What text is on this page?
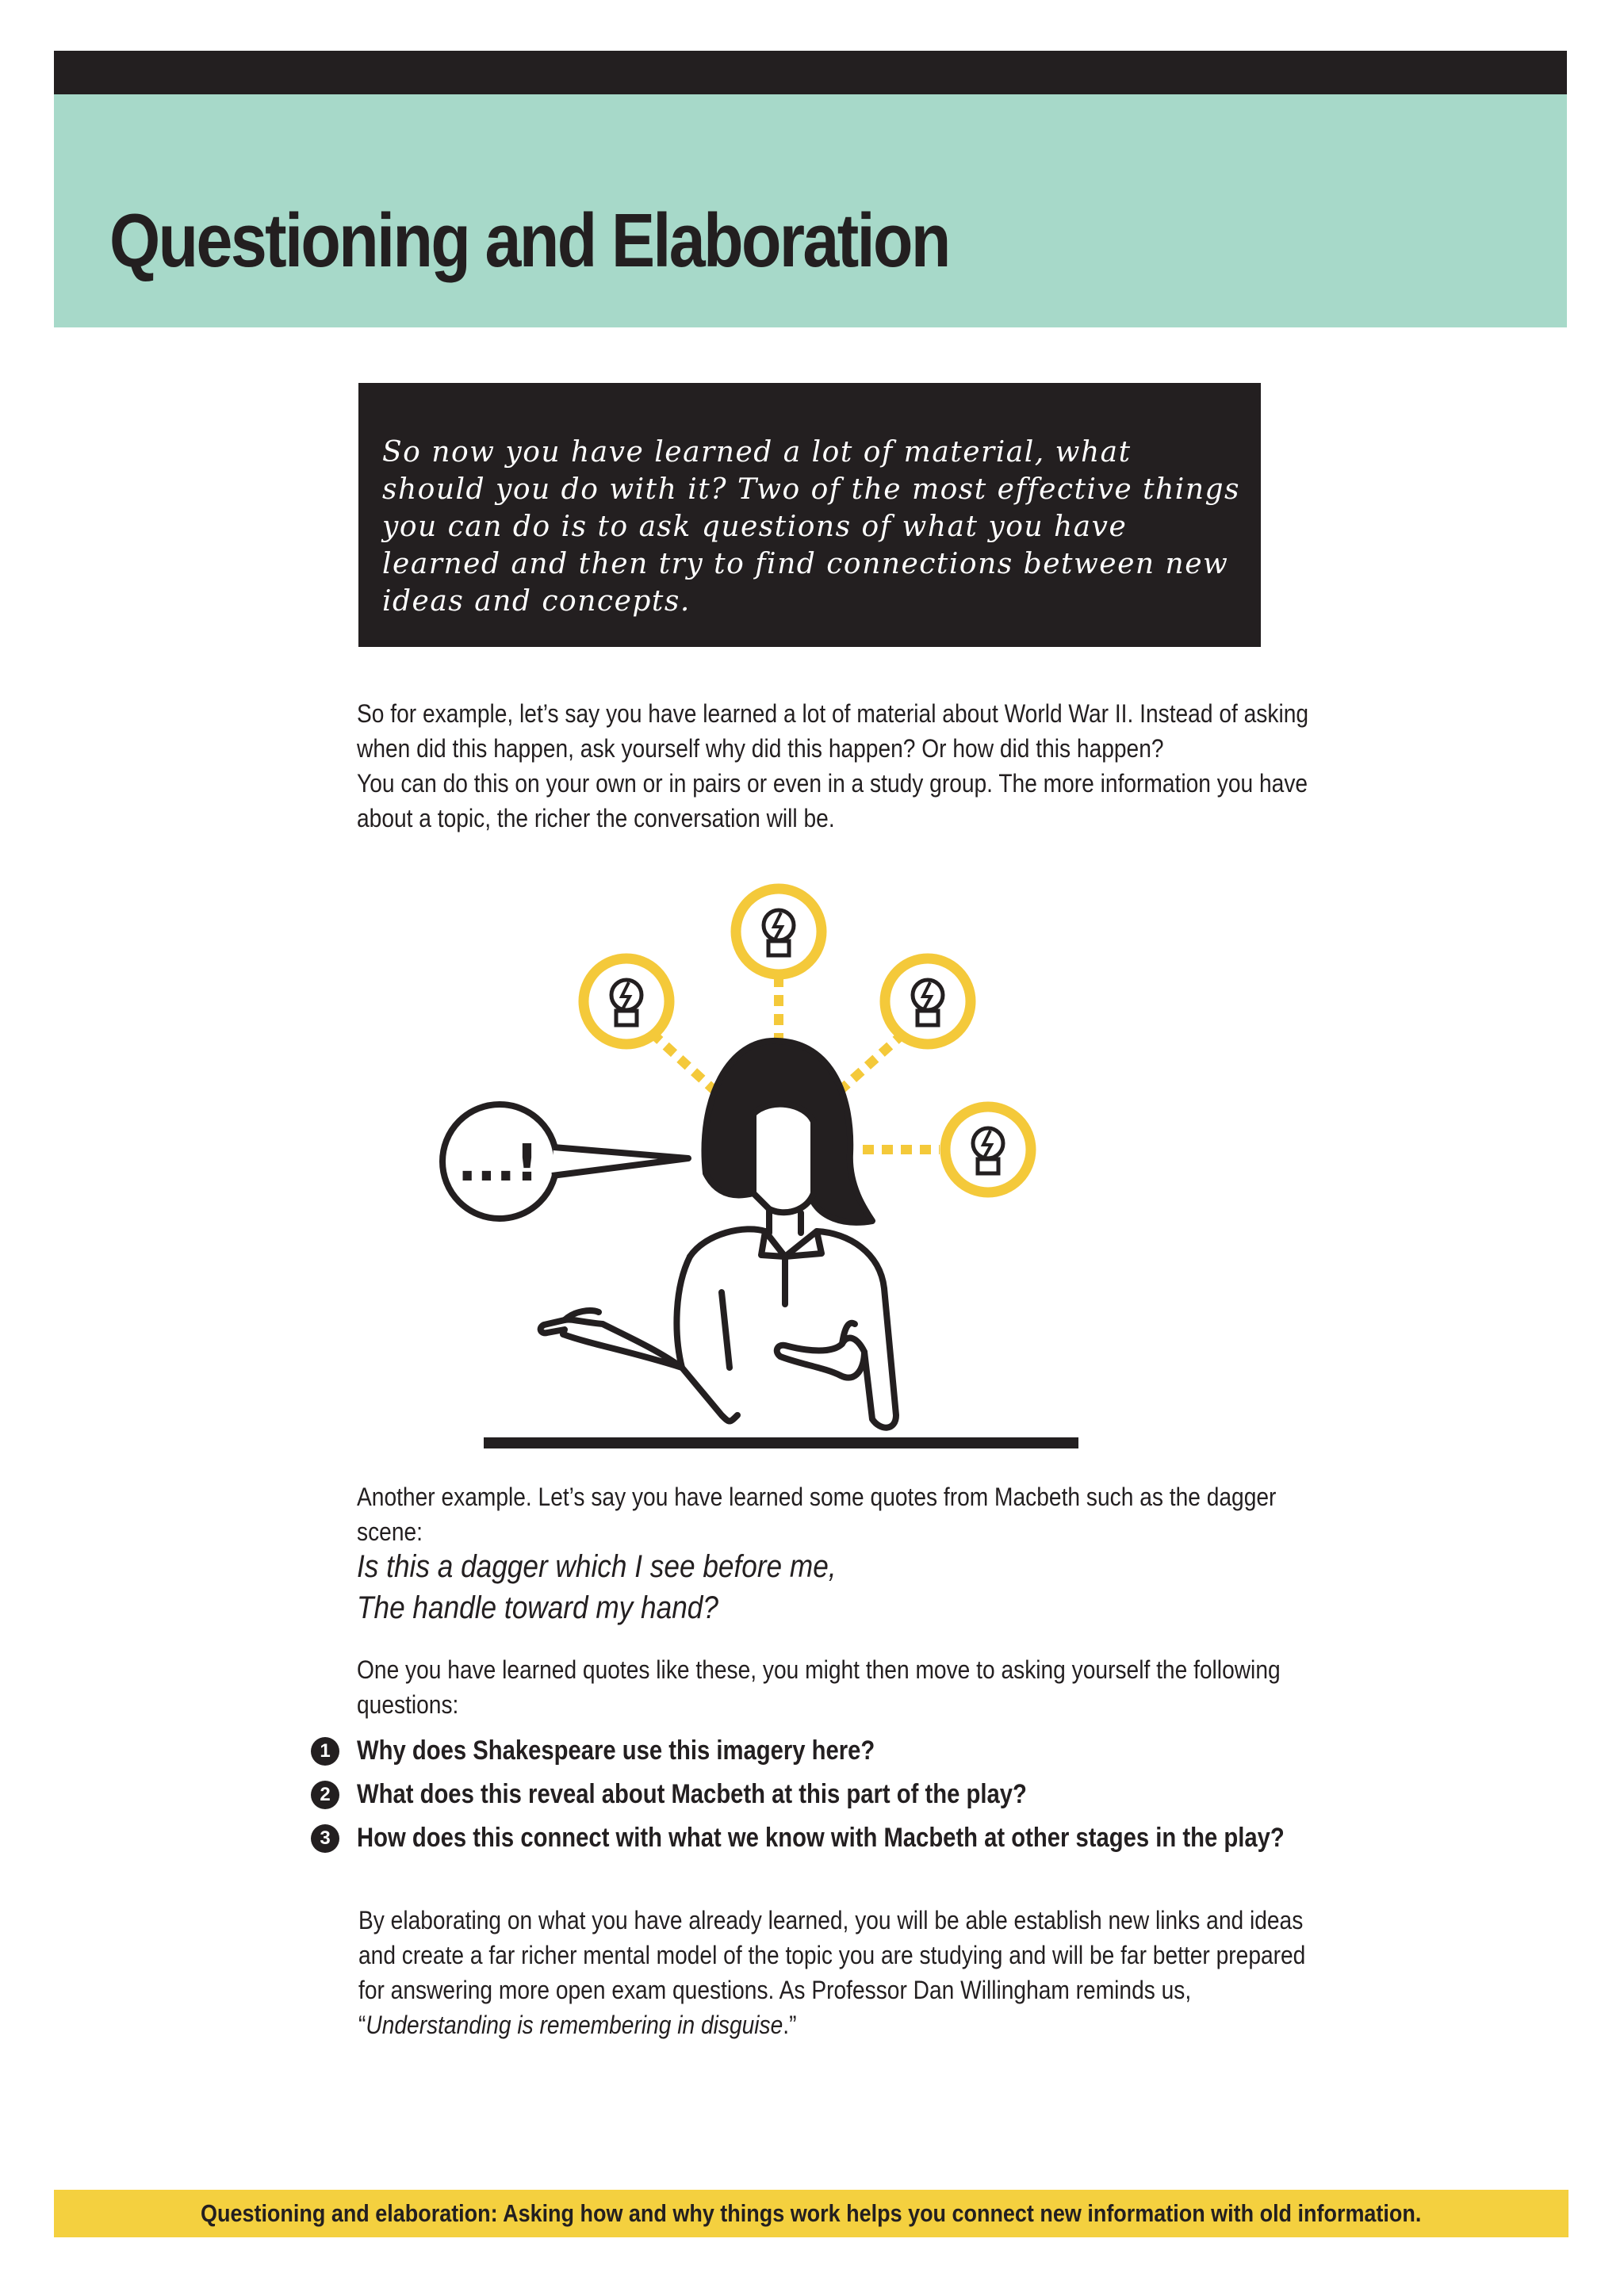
Questioning and Elaboration

So now you have learned a lot of material, what should you do with it? Two of the most effective things you can do is to ask questions of what you have learned and then try to find connections between new ideas and concepts.

So for example, let’s say you have learned a lot of material about World War II. Instead of asking
when did this happen, ask yourself why did this happen? Or how did this happen?
You can do this on your own or in pairs or even in a study group. The more information you have
about a topic, the richer the conversation will be.

...!

Another example. Let’s say you have learned some quotes from Macbeth such as the dagger
scene:

Is this a dagger which I see before me,
The handle toward my hand?

One you have learned quotes like these, you might then move to asking yourself the following
questions:

1 Why does Shakespeare use this imagery here?
2 What does this reveal about Macbeth at this part of the play?
3 How does this connect with what we know with Macbeth at other stages in the play?

By elaborating on what you have already learned, you will be able establish new links and ideas
and create a far richer mental model of the topic you are studying and will be far better prepared
for answering more open exam questions. As Professor Dan Willingham reminds us,
“Understanding is remembering in disguise.”

Questioning and elaboration: Asking how and why things work helps you connect new information with old information.
